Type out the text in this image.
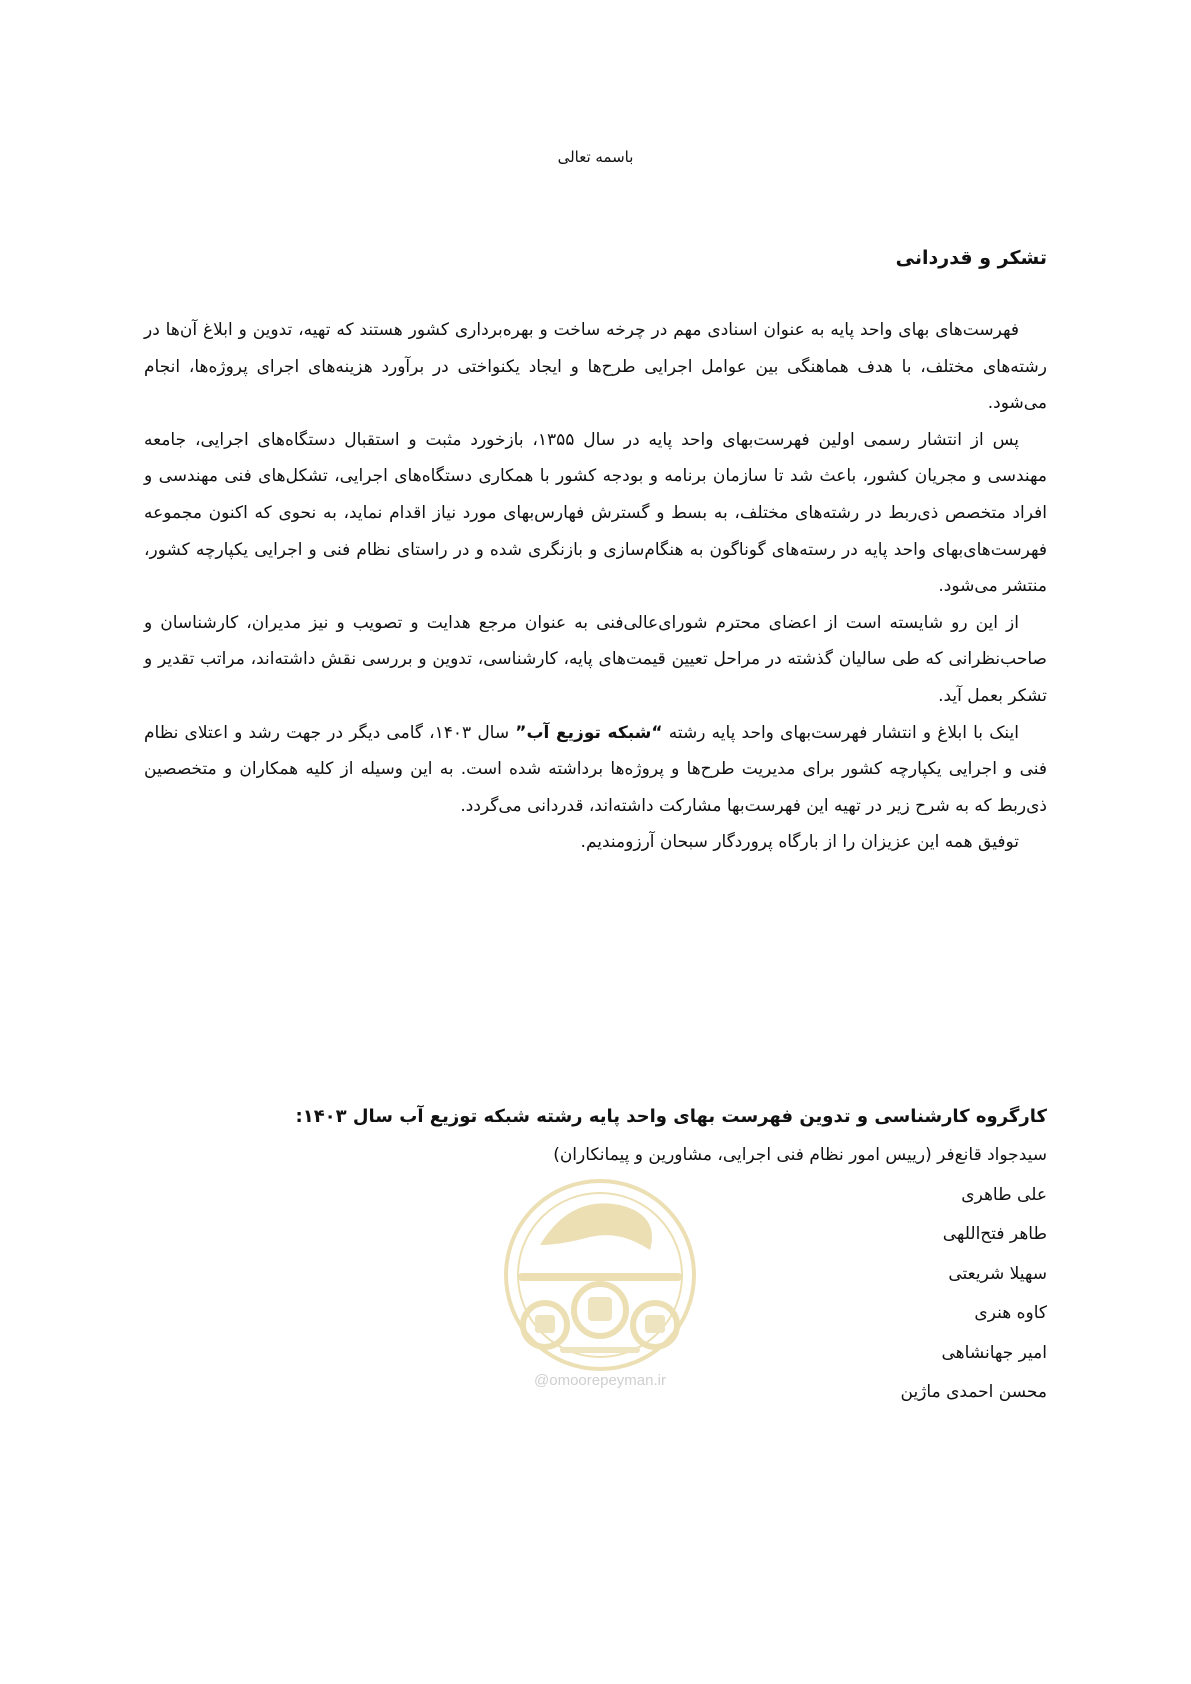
باسمه تعالی
تشکر و قدردانی

فهرست‌های بهای واحد پایه به عنوان اسنادی مهم در چرخه ساخت و بهره‌برداری کشور هستند که تهیه، تدوین و ابلاغ آن‌ها در رشته‌های مختلف، با هدف هماهنگی بین عوامل اجرایی طرح‌ها و ایجاد یکنواختی در برآورد هزینه‌های اجرای پروژه‌ها، انجام می‌شود.

پس از انتشار رسمی اولین فهرست‌بهای واحد پایه در سال ۱۳۵۵، بازخورد مثبت و استقبال دستگاه‌های اجرایی، جامعه مهندسی و مجریان کشور، باعث شد تا سازمان برنامه و بودجه کشور با همکاری دستگاه‌های اجرایی، تشکل‌های فنی مهندسی و افراد متخصص ذی‌ربط در رشته‌های مختلف، به بسط و گسترش فهارس‌بهای مورد نیاز اقدام نماید، به نحوی که اکنون مجموعه فهرست‌های‌بهای واحد پایه در رسته‌های گوناگون به هنگام‌سازی و بازنگری شده و در راستای نظام فنی و اجرایی یکپارچه کشور، منتشر می‌شود.

از این رو شایسته است از اعضای محترم شورای‌عالی‌فنی به عنوان مرجع هدایت و تصویب و نیز مدیران، کارشناسان و صاحب‌نظرانی که طی سالیان گذشته در مراحل تعیین قیمت‌های پایه، کارشناسی، تدوین و بررسی نقش داشته‌اند، مراتب تقدیر و تشکر بعمل آید.

اینک با ابلاغ و انتشار فهرست‌بهای واحد پایه رشته “شبکه توزیع آب” سال ۱۴۰۳، گامی دیگر در جهت رشد و اعتلای نظام فنی و اجرایی یکپارچه کشور برای مدیریت طرح‌ها و پروژه‌ها برداشته شده است. به این وسیله از کلیه همکاران و متخصصین ذی‌ربط که به شرح زیر در تهیه این فهرست‌بها مشارکت داشته‌اند، قدردانی می‌گردد.

توفیق همه این عزیزان را از بارگاه پروردگار سبحان آرزومندیم.

@omoorepeyman.ir
کارگروه کارشناسی و تدوین فهرست بهای واحد پایه رشته شبکه توزیع آب سال ۱۴۰۳:
سیدجواد قانع‌فر (رییس امور نظام فنی اجرایی، مشاورین و پیمانکاران)
علی طاهری
طاهر فتح‌اللهی
سهیلا شریعتی
کاوه هنری
امیر جهانشاهی
محسن احمدی ماژین
